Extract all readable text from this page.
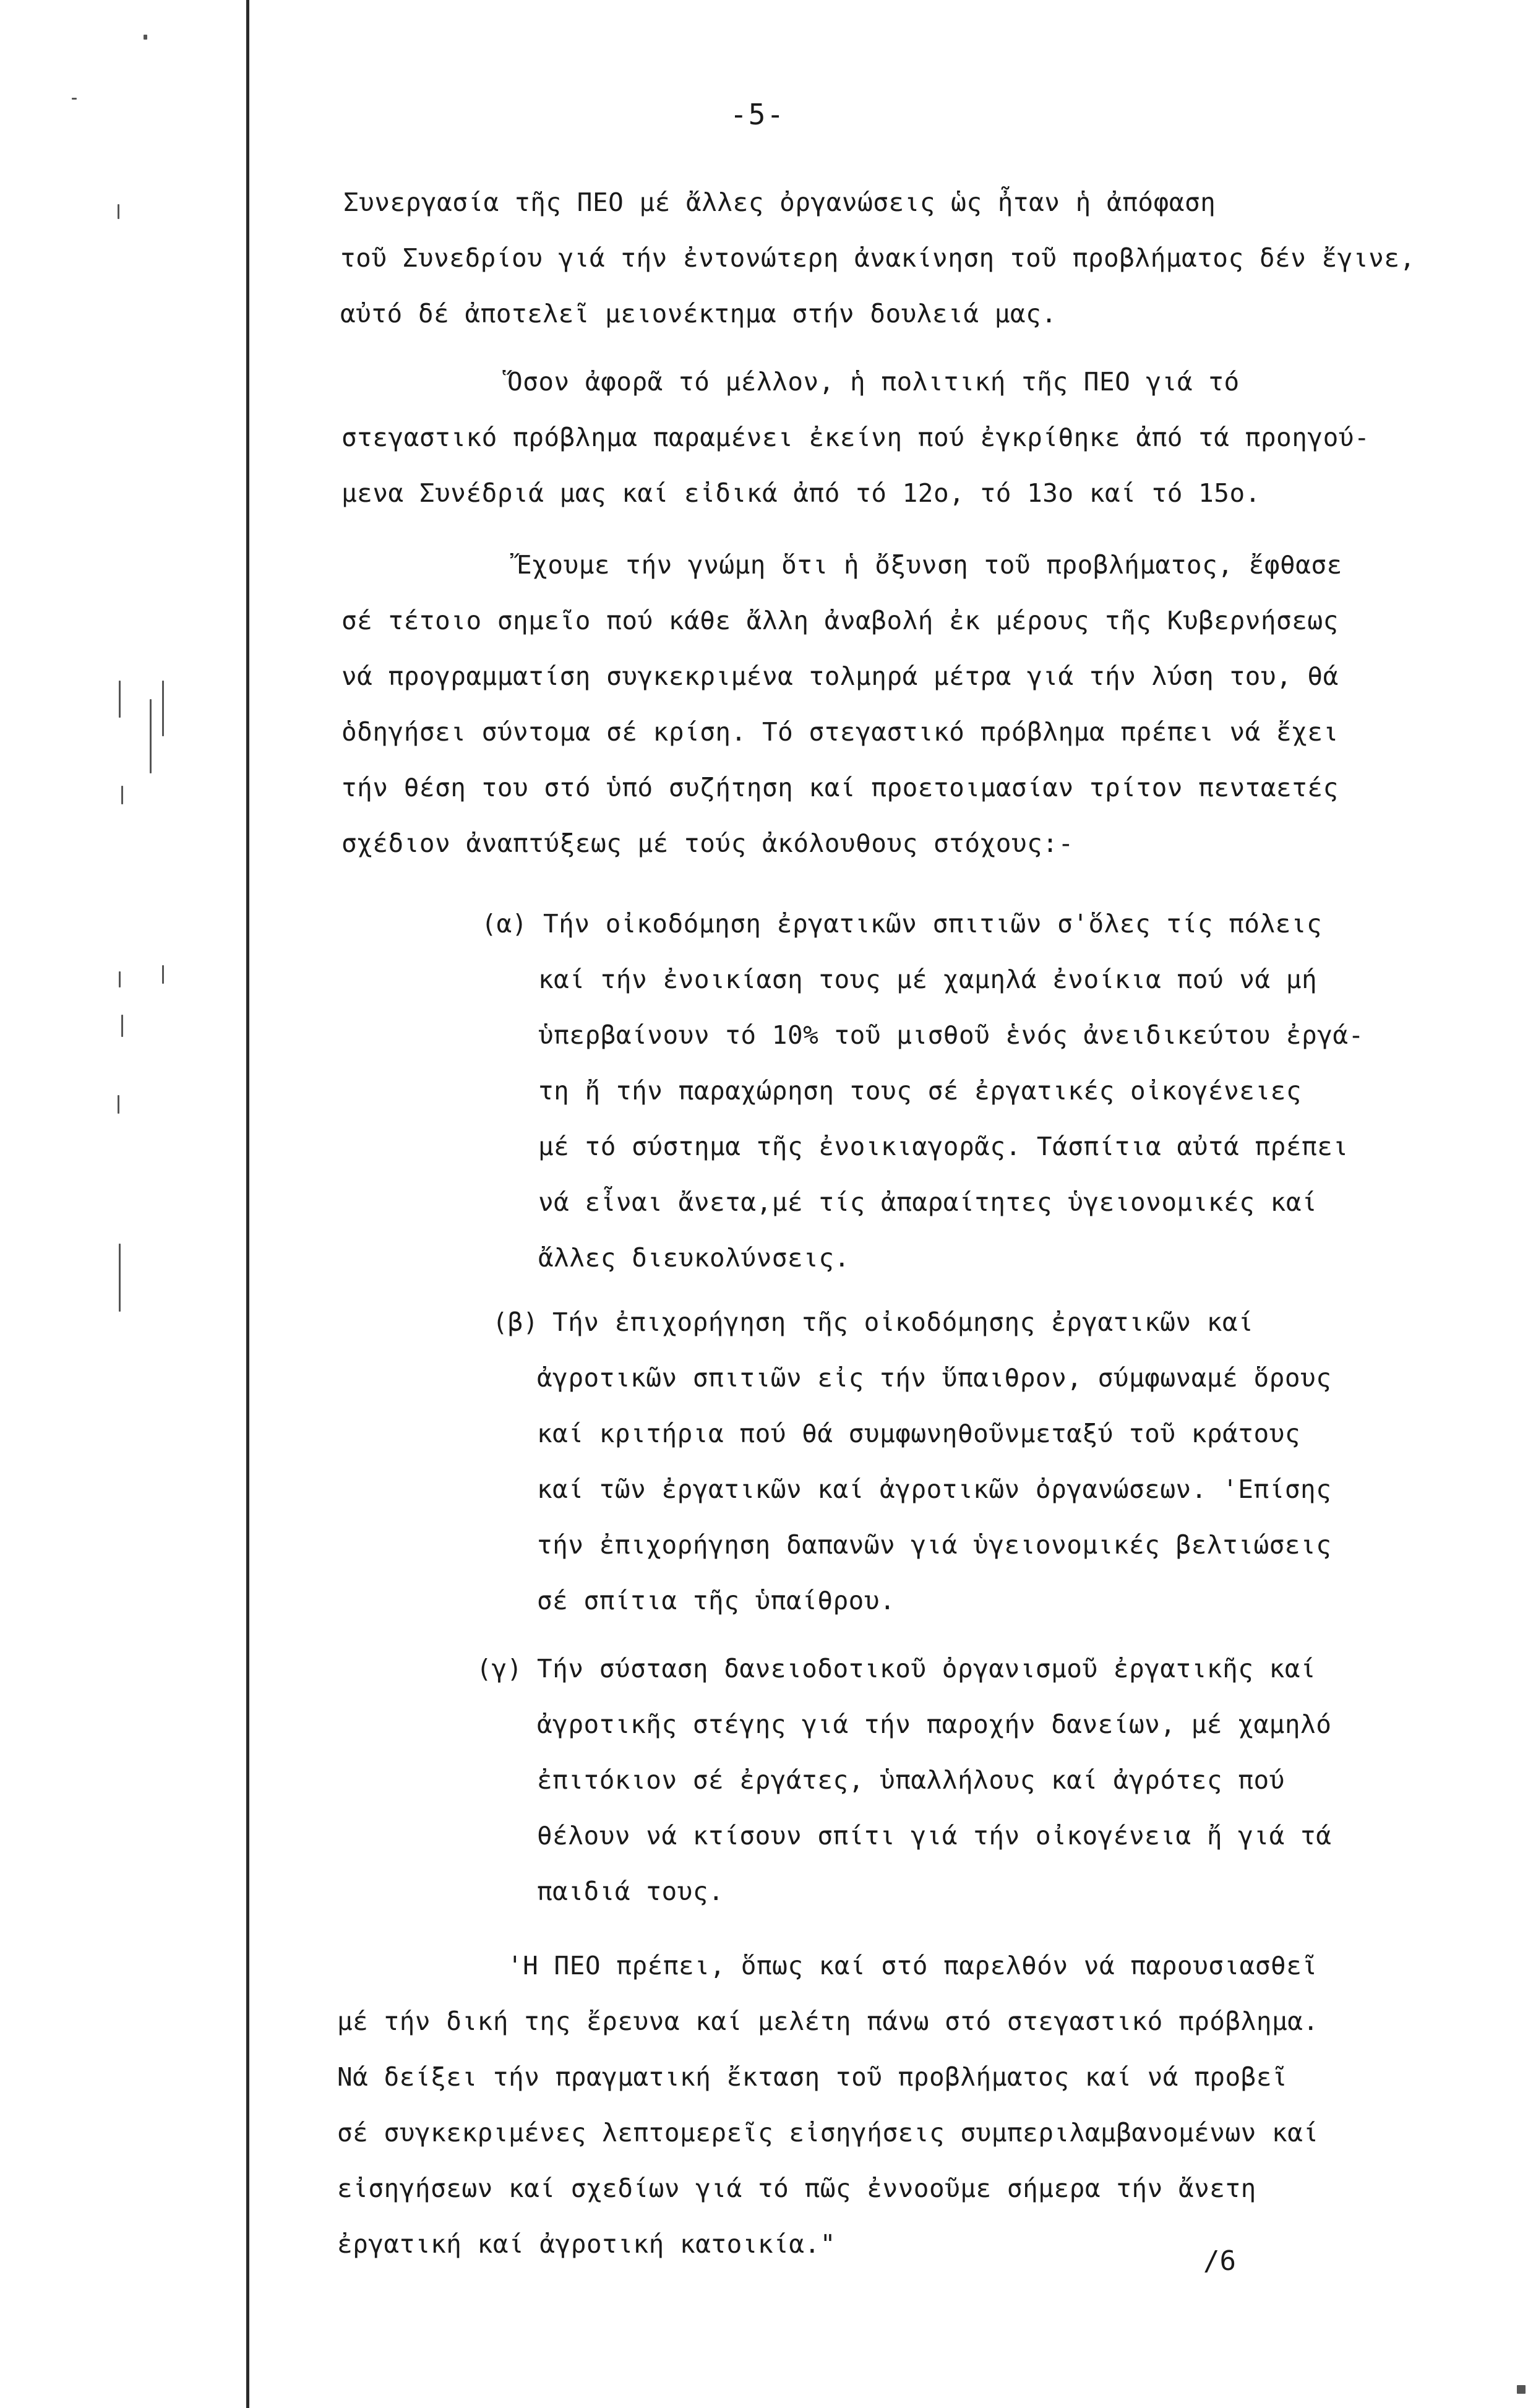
-5-
Συνεργασία τῆς ΠΕΟ μέ ἄλλες ὀργανώσεις ὡς ἦταν ἡ ἀπόφαση
τοῦ Συνεδρίου γιά τήν ἐντονώτερη ἀνακίνηση τοῦ προβλήματος δέν ἔγινε,
αὐτό δέ ἀποτελεῖ μειονέκτημα στήν δουλειά μας.
Ὅσον ἀφορᾶ τό μέλλον, ἡ πολιτική τῆς ΠΕΟ γιά τό
στεγαστικό πρόβλημα παραμένει ἐκείνη πού ἐγκρίθηκε ἀπό τά προηγού-
μενα Συνέδριά μας καί εἰδικά ἀπό τό 12ο, τό 13ο καί τό 15ο.
Ἔχουμε τήν γνώμη ὅτι ἡ ὄξυνση τοῦ προβλήματος, ἔφθασε
σέ τέτοιο σημεῖο πού κάθε ἄλλη ἀναβολή ἐκ μέρους τῆς Κυβερνήσεως
νά προγραμματίση συγκεκριμένα τολμηρά μέτρα γιά τήν λύση του, θά
ὁδηγήσει σύντομα σέ κρίση. Τό στεγαστικό πρόβλημα πρέπει νά ἔχει
τήν θέση του στό ὑπό συζήτηση καί προετοιμασίαν τρίτον πενταετές
σχέδιον ἀναπτύξεως μέ τούς ἀκόλουθους στόχους:-
(α) Τήν οἰκοδόμηση ἐργατικῶν σπιτιῶν σ'ὅλες τίς πόλεις
καί τήν ἐνοικίαση τους μέ χαμηλά ἐνοίκια πού νά μή
ὑπερβαίνουν τό 10% τοῦ μισθοῦ ἑνός ἀνειδικεύτου ἐργά-
τη ἤ τήν παραχώρηση τους σέ ἐργατικές οἰκογένειες
μέ τό σύστημα τῆς ἐνοικιαγορᾶς. Τάσπίτια αὐτά πρέπει
νά εἶναι ἄνετα,μέ τίς ἀπαραίτητες ὑγειονομικές καί
ἄλλες διευκολύνσεις.
(β) Τήν ἐπιχορήγηση τῆς οἰκοδόμησης ἐργατικῶν καί
ἀγροτικῶν σπιτιῶν εἰς τήν ὕπαιθρον, σύμφωναμέ ὅρους
καί κριτήρια πού θά συμφωνηθοῦνμεταξύ τοῦ κράτους
καί τῶν ἐργατικῶν καί ἀγροτικῶν ὀργανώσεων. 'Επίσης
τήν ἐπιχορήγηση δαπανῶν γιά ὑγειονομικές βελτιώσεις
σέ σπίτια τῆς ὑπαίθρου.
(γ) Τήν σύσταση δανειοδοτικοῦ ὀργανισμοῦ ἐργατικῆς καί
ἀγροτικῆς στέγης γιά τήν παροχήν δανείων, μέ χαμηλό
ἐπιτόκιον σέ ἐργάτες, ὑπαλλήλους καί ἀγρότες πού
θέλουν νά κτίσουν σπίτι γιά τήν οἰκογένεια ἤ γιά τά
παιδιά τους.
'Η ΠΕΟ πρέπει, ὅπως καί στό παρελθόν νά παρουσιασθεῖ
μέ τήν δική της ἔρευνα καί μελέτη πάνω στό στεγαστικό πρόβλημα.
Νά δείξει τήν πραγματική ἔκταση τοῦ προβλήματος καί νά προβεῖ
σέ συγκεκριμένες λεπτομερεῖς εἰσηγήσεις συμπεριλαμβανομένων καί
εἰσηγήσεων καί σχεδίων γιά τό πῶς ἐννοοῦμε σήμερα τήν ἄνετη
ἐργατική καί ἀγροτική κατοικία."
/6
